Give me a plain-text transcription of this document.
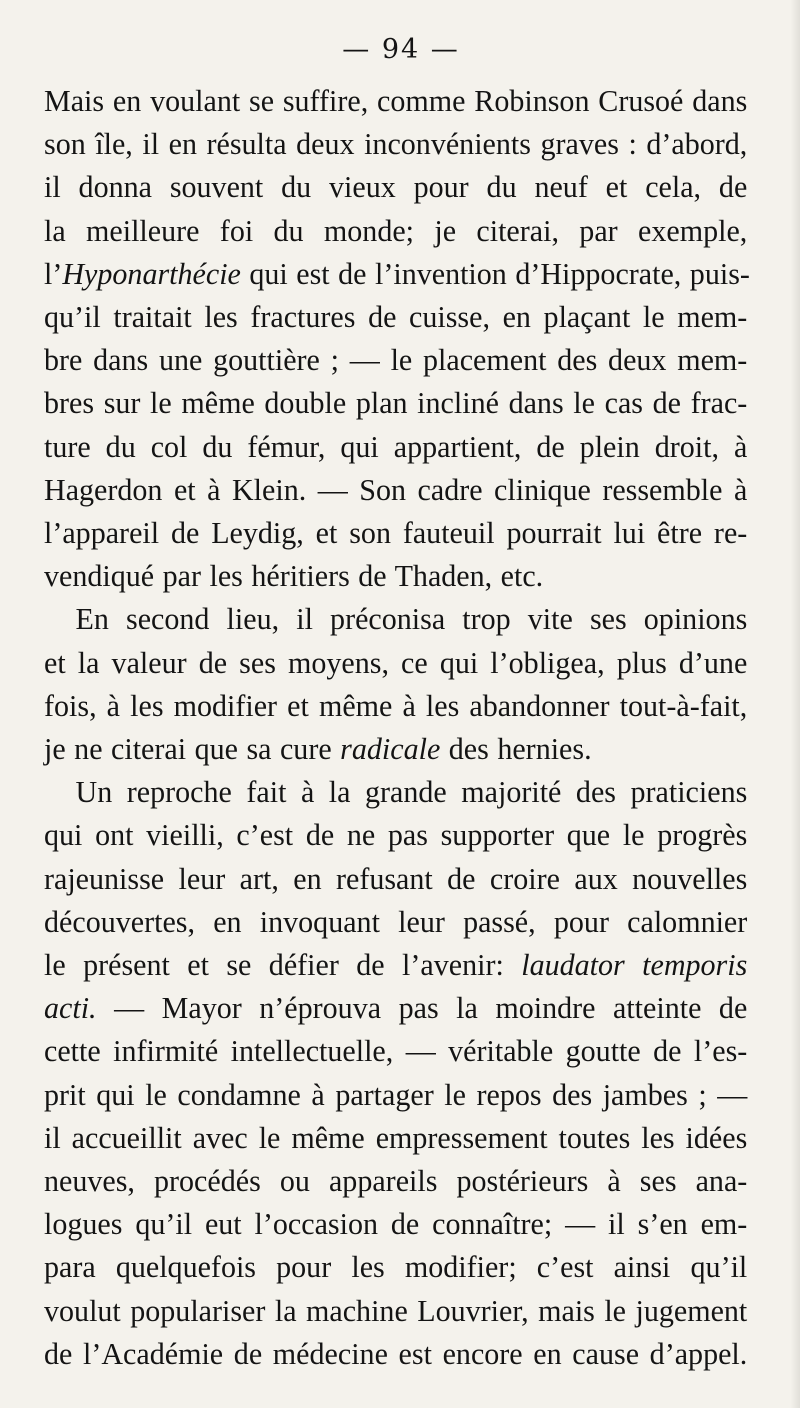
— 94 —
Mais en voulant se suffire, comme Robinson Crusoé dans
son île, il en résulta deux inconvénients graves : d’abord,
il donna souvent du vieux pour du neuf et cela, de
la meilleure foi du monde; je citerai, par exemple,
l’Hyponarthécie qui est de l’invention d’Hippocrate, puis-
qu’il traitait les fractures de cuisse, en plaçant le mem-
bre dans une gouttière ; — le placement des deux mem-
bres sur le même double plan incliné dans le cas de frac-
ture du col du fémur, qui appartient, de plein droit, à
Hagerdon et à Klein. — Son cadre clinique ressemble à
l’appareil de Leydig, et son fauteuil pourrait lui être re-
vendiqué par les héritiers de Thaden, etc.
En second lieu, il préconisa trop vite ses opinions
et la valeur de ses moyens, ce qui l’obligea, plus d’une
fois, à les modifier et même à les abandonner tout-à-fait,
je ne citerai que sa cure radicale des hernies.
Un reproche fait à la grande majorité des praticiens
qui ont vieilli, c’est de ne pas supporter que le progrès
rajeunisse leur art, en refusant de croire aux nouvelles
découvertes, en invoquant leur passé, pour calomnier
le présent et se défier de l’avenir: laudator temporis
acti. — Mayor n’éprouva pas la moindre atteinte de
cette infirmité intellectuelle, — véritable goutte de l’es-
prit qui le condamne à partager le repos des jambes ; —
il accueillit avec le même empressement toutes les idées
neuves, procédés ou appareils postérieurs à ses ana-
logues qu’il eut l’occasion de connaître; — il s’en em-
para quelquefois pour les modifier; c’est ainsi qu’il
voulut populariser la machine Louvrier, mais le jugement
de l’Académie de médecine est encore en cause d’appel.
